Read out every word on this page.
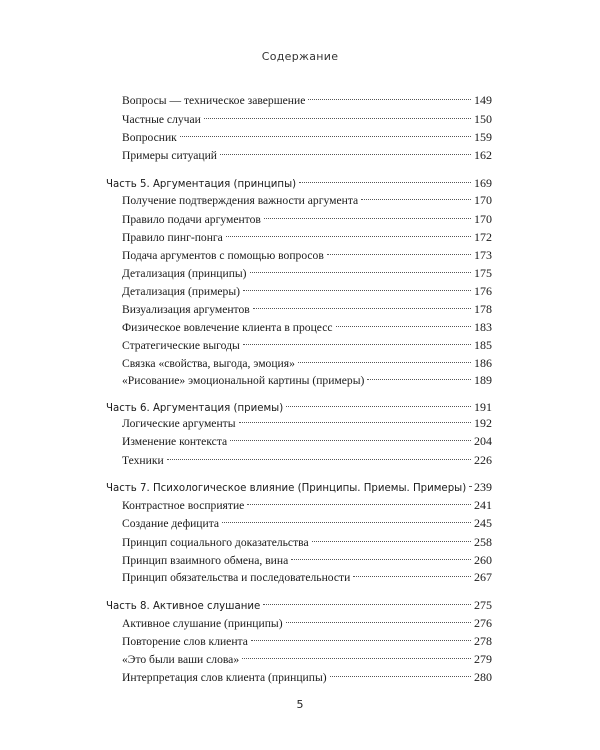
Содержание
Вопросы — техническое завершение	149
Частные случаи	150
Вопросник	159
Примеры ситуаций	162
Часть 5. Аргументация (принципы)	169
Получение подтверждения важности аргумента	170
Правило подачи аргументов	170
Правило пинг-понга	172
Подача аргументов с помощью вопросов	173
Детализация (принципы)	175
Детализация (примеры)	176
Визуализация аргументов	178
Физическое вовлечение клиента в процесс	183
Стратегические выгоды	185
Связка «свойства, выгода, эмоция»	186
«Рисование» эмоциональной картины (примеры)	189
Часть 6. Аргументация (приемы)	191
Логические аргументы	192
Изменение контекста	204
Техники	226
Часть 7. Психологическое влияние (Принципы. Приемы. Примеры) 239
Контрастное восприятие	241
Создание дефицита	245
Принцип социального доказательства	258
Принцип взаимного обмена, вина	260
Принцип обязательства и последовательности	267
Часть 8. Активное слушание	275
Активное слушание (принципы)	276
Повторение слов клиента	278
«Это были ваши слова»	279
Интерпретация слов клиента (принципы)	280
5
